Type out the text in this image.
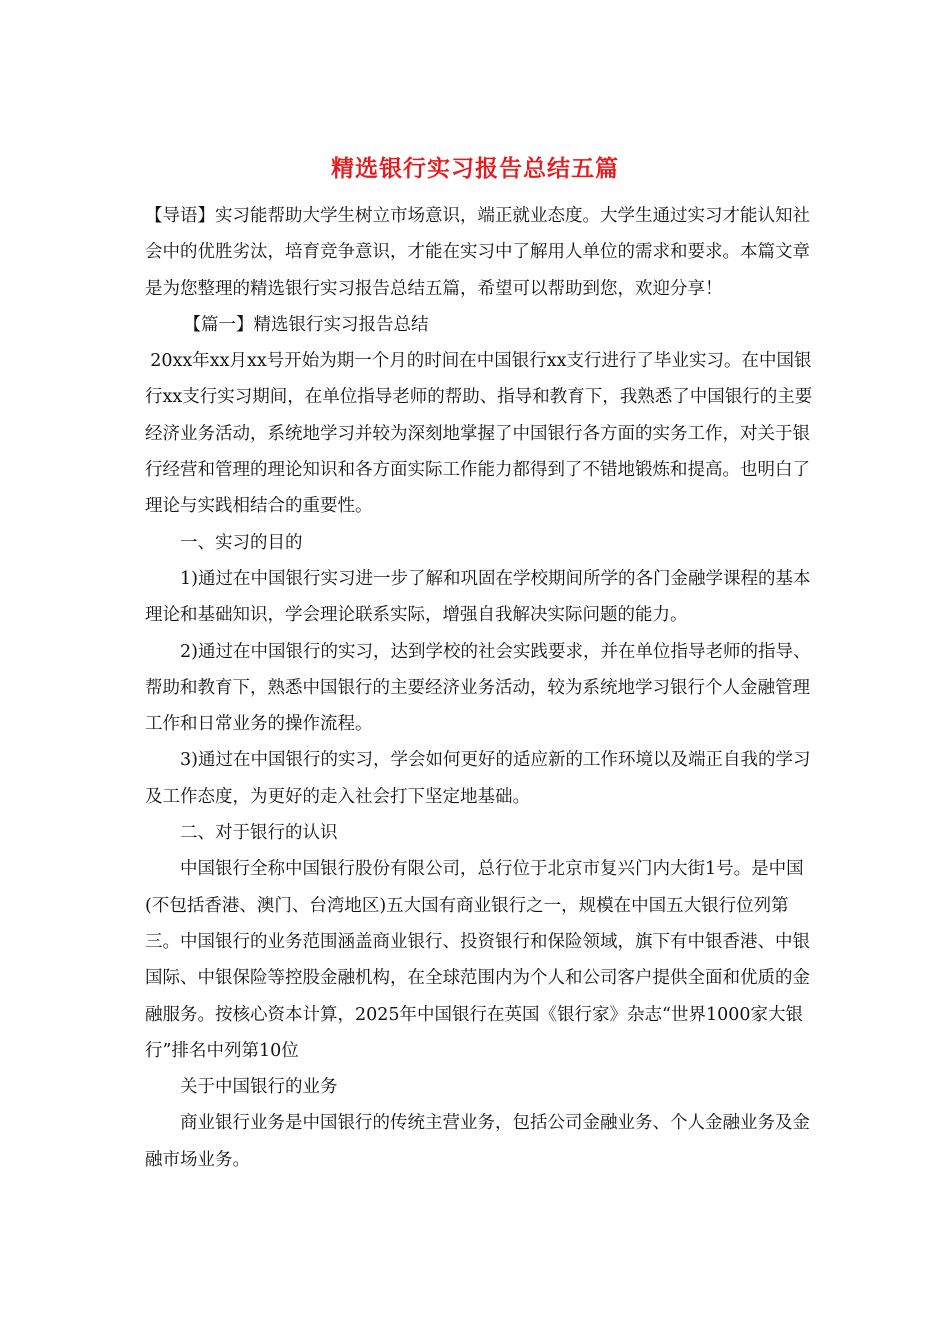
精选银行实习报告总结五篇

【导语】实习能帮助大学生树立市场意识，端正就业态度。大学生通过实习才能认知社会中的优胜劣汰，培育竞争意识，才能在实习中了解用人单位的需求和要求。本篇文章是为您整理的精选银行实习报告总结五篇，希望可以帮助到您，欢迎分享！

【篇一】精选银行实习报告总结

20xx年xx月xx号开始为期一个月的时间在中国银行xx支行进行了毕业实习。在中国银行xx支行实习期间，在单位指导老师的帮助、指导和教育下，我熟悉了中国银行的主要经济业务活动，系统地学习并较为深刻地掌握了中国银行各方面的实务工作，对关于银行经营和管理的理论知识和各方面实际工作能力都得到了不错地锻炼和提高。也明白了理论与实践相结合的重要性。

一、实习的目的

1)通过在中国银行实习进一步了解和巩固在学校期间所学的各门金融学课程的基本理论和基础知识，学会理论联系实际，增强自我解决实际问题的能力。

2)通过在中国银行的实习，达到学校的社会实践要求，并在单位指导老师的指导、帮助和教育下，熟悉中国银行的主要经济业务活动，较为系统地学习银行个人金融管理工作和日常业务的操作流程。

3)通过在中国银行的实习，学会如何更好的适应新的工作环境以及端正自我的学习及工作态度，为更好的走入社会打下坚定地基础。

二、对于银行的认识

中国银行全称中国银行股份有限公司，总行位于北京市复兴门内大街1号。是中国(不包括香港、澳门、台湾地区)五大国有商业银行之一，规模在中国五大银行位列第三。中国银行的业务范围涵盖商业银行、投资银行和保险领域，旗下有中银香港、中银国际、中银保险等控股金融机构，在全球范围内为个人和公司客户提供全面和优质的金融服务。按核心资本计算，2025年中国银行在英国《银行家》杂志“世界1000家大银行”排名中列第10位

关于中国银行的业务

商业银行业务是中国银行的传统主营业务，包括公司金融业务、个人金融业务及金融市场业务。
